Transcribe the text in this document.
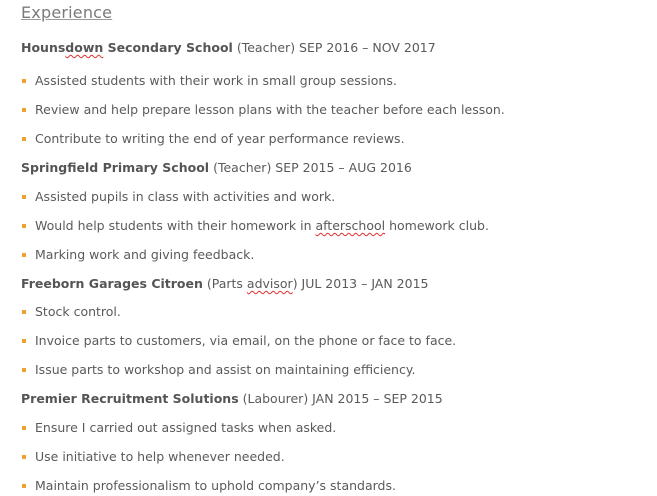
Experience
Hounsdown Secondary School (Teacher) SEP 2016 – NOV 2017
Assisted students with their work in small group sessions.
Review and help prepare lesson plans with the teacher before each lesson.
Contribute to writing the end of year performance reviews.
Springfield Primary School (Teacher) SEP 2015 – AUG 2016
Assisted pupils in class with activities and work.
Would help students with their homework in afterschool homework club.
Marking work and giving feedback.
Freeborn Garages Citroen (Parts advisor) JUL 2013 – JAN 2015
Stock control.
Invoice parts to customers, via email, on the phone or face to face.
Issue parts to workshop and assist on maintaining efficiency.
Premier Recruitment Solutions (Labourer) JAN 2015 – SEP 2015
Ensure I carried out assigned tasks when asked.
Use initiative to help whenever needed.
Maintain professionalism to uphold company’s standards.
